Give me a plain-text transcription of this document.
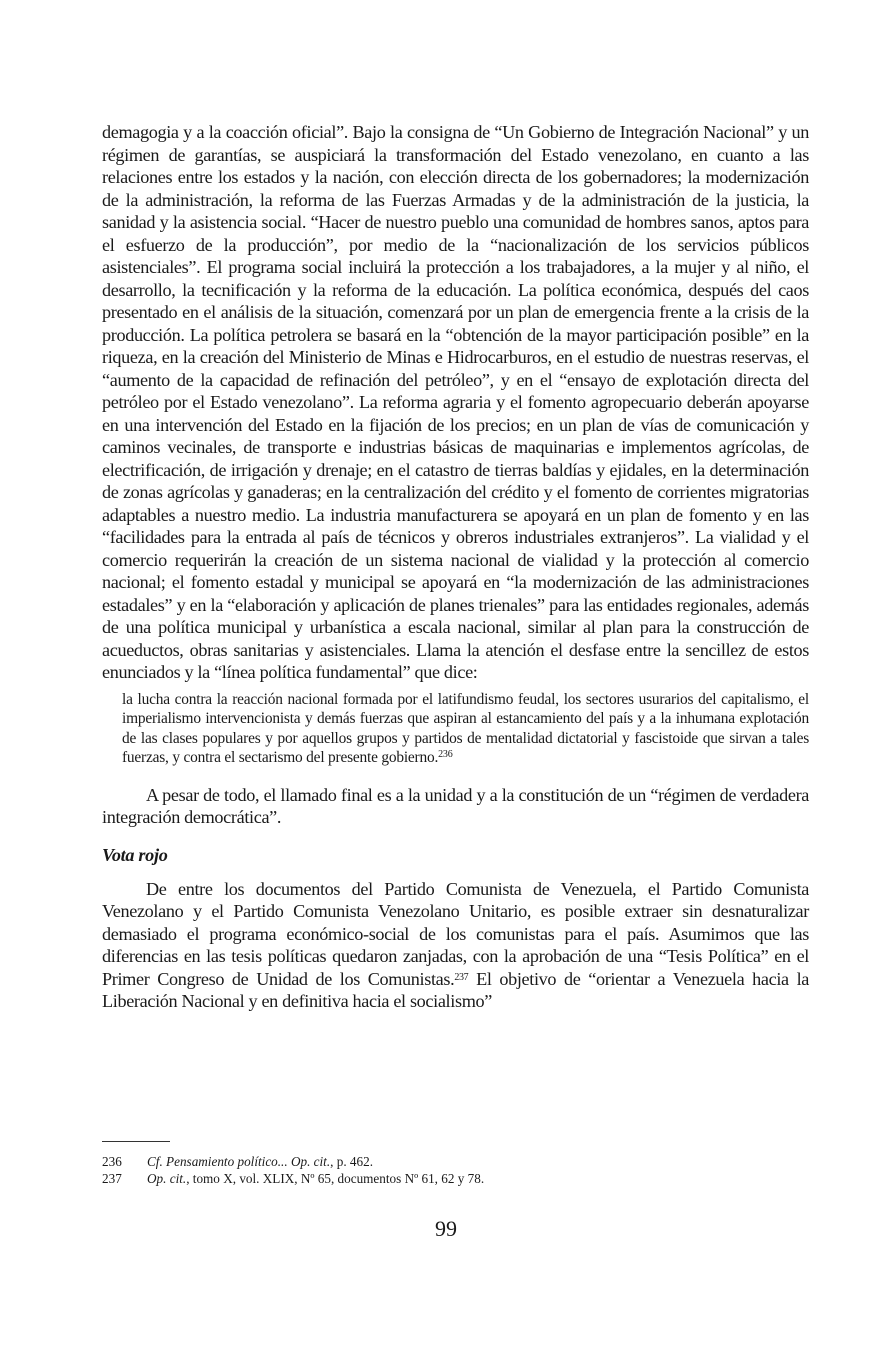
demagogia y a la coacción oficial”. Bajo la consigna de “Un Gobierno de Integración Nacional” y un régimen de garantías, se auspiciará la transformación del Estado venezolano, en cuanto a las relaciones entre los estados y la nación, con elección directa de los gobernadores; la modernización de la administración, la reforma de las Fuerzas Armadas y de la administración de la justicia, la sanidad y la asistencia social. “Hacer de nuestro pueblo una comunidad de hombres sanos, aptos para el esfuerzo de la producción”, por medio de la “nacionalización de los servicios públicos asistenciales”. El programa social incluirá la protección a los trabajadores, a la mujer y al niño, el desarrollo, la tecnificación y la reforma de la educación. La política económica, después del caos presentado en el análisis de la situación, comenzará por un plan de emergencia frente a la crisis de la producción. La política petrolera se basará en la “obtención de la mayor participación posible” en la riqueza, en la creación del Ministerio de Minas e Hidrocarburos, en el estudio de nuestras reservas, el “aumento de la capacidad de refinación del petróleo”, y en el “ensayo de explotación directa del petróleo por el Estado venezolano”. La reforma agraria y el fomento agropecuario deberán apoyarse en una intervención del Estado en la fijación de los precios; en un plan de vías de comunicación y caminos vecinales, de transporte e industrias básicas de maquinarias e implementos agrícolas, de electrificación, de irrigación y drenaje; en el catastro de tierras baldías y ejidales, en la determinación de zonas agrícolas y ganaderas; en la centralización del crédito y el fomento de corrientes migratorias adaptables a nuestro medio. La industria manufacturera se apoyará en un plan de fomento y en las “facilidades para la entrada al país de técnicos y obreros industriales extranjeros”. La vialidad y el comercio requerirán la creación de un sistema nacional de vialidad y la protección al comercio nacional; el fomento estadal y municipal se apoyará en “la modernización de las administraciones estadales” y en la “elaboración y aplicación de planes trienales” para las entidades regionales, además de una política municipal y urbanística a escala nacional, similar al plan para la construcción de acueductos, obras sanitarias y asistenciales. Llama la atención el desfase entre la sencillez de estos enunciados y la “línea política fundamental” que dice:

la lucha contra la reacción nacional formada por el latifundismo feudal, los sectores usurarios del capitalismo, el imperialismo intervencionista y demás fuerzas que aspiran al estancamiento del país y a la inhumana explotación de las clases populares y por aquellos grupos y partidos de mentalidad dictatorial y fascistoide que sirvan a tales fuerzas, y contra el sectarismo del presente gobierno.$^{236}$

A pesar de todo, el llamado final es a la unidad y a la constitución de un “régimen de verdadera integración democrática”.

Vota rojo

De entre los documentos del Partido Comunista de Venezuela, el Partido Comunista Venezolano y el Partido Comunista Venezolano Unitario, es posible extraer sin desnaturalizar demasiado el programa económico-social de los comunistas para el país. Asumimos que las diferencias en las tesis políticas quedaron zanjadas, con la aprobación de una “Tesis Política” en el Primer Congreso de Unidad de los Comunistas.$^{237}$ El objetivo de “orientar a Venezuela hacia la Liberación Nacional y en definitiva hacia el socialismo”

236	Cf. Pensamiento político... Op. cit., p. 462.
237	Op. cit., tomo X, vol. XLIX, Nº 65, documentos Nº 61, 62 y 78.
99
